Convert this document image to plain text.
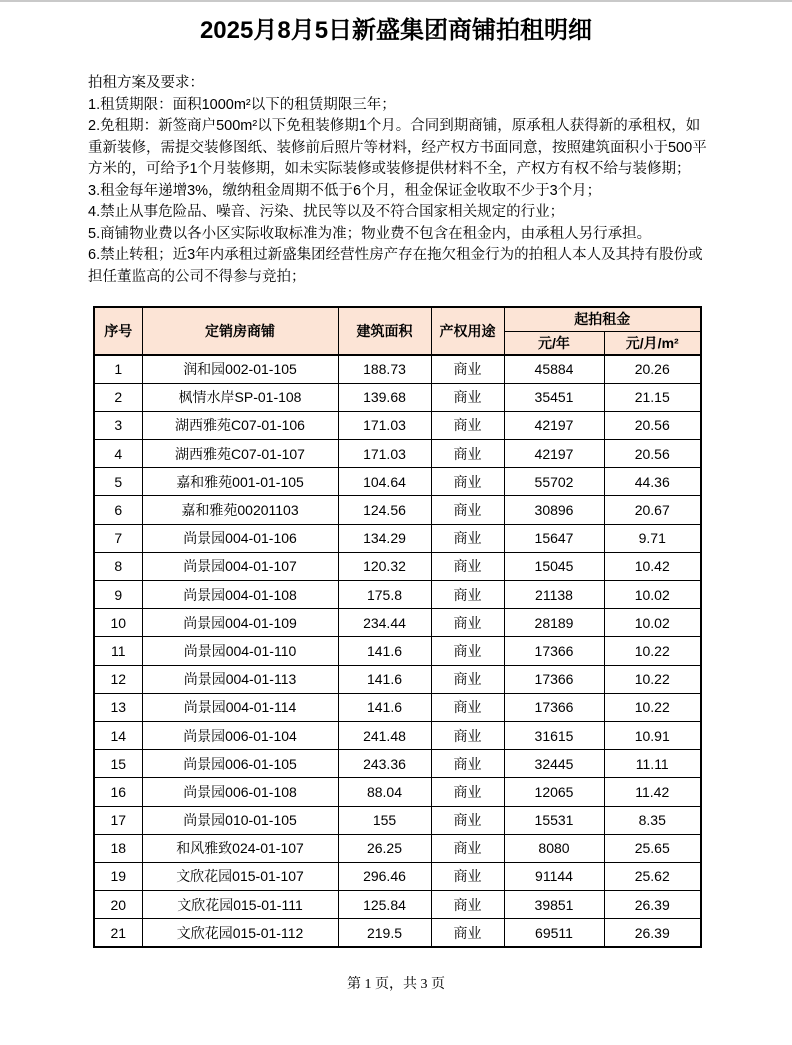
2025月8月5日新盛集团商铺拍租明细

拍租方案及要求：

1.租赁期限：面积1000m²以下的租赁期限三年；

2.免租期：新签商户500m²以下免租装修期1个月。合同到期商铺，原承租人获得新的承租权，如重新装修，需提交装修图纸、装修前后照片等材料，经产权方书面同意，按照建筑面积小于500平方米的，可给予1个月装修期，如未实际装修或装修提供材料不全，产权方有权不给与装修期；

3.租金每年递增3%，缴纳租金周期不低于6个月，租金保证金收取不少于3个月；

4.禁止从事危险品、噪音、污染、扰民等以及不符合国家相关规定的行业；

5.商铺物业费以各小区实际收取标准为准；物业费不包含在租金内，由承租人另行承担。

6.禁止转租；近3年内承租过新盛集团经营性房产存在拖欠租金行为的拍租人本人及其持有股份或担任董监高的公司不得参与竞拍；

序号	定销房商铺	建筑面积	产权用途	起拍租金	
				元/年	元/月/m²
1	润和园002-01-105	188.73	商业	45884	20.26
2	枫情水岸SP-01-108	139.68	商业	35451	21.15
3	湖西雅苑C07-01-106	171.03	商业	42197	20.56
4	湖西雅苑C07-01-107	171.03	商业	42197	20.56
5	嘉和雅苑001-01-105	104.64	商业	55702	44.36
6	嘉和雅苑00201103	124.56	商业	30896	20.67
7	尚景园004-01-106	134.29	商业	15647	9.71
8	尚景园004-01-107	120.32	商业	15045	10.42
9	尚景园004-01-108	175.8	商业	21138	10.02
10	尚景园004-01-109	234.44	商业	28189	10.02
11	尚景园004-01-110	141.6	商业	17366	10.22
12	尚景园004-01-113	141.6	商业	17366	10.22
13	尚景园004-01-114	141.6	商业	17366	10.22
14	尚景园006-01-104	241.48	商业	31615	10.91
15	尚景园006-01-105	243.36	商业	32445	11.11
16	尚景园006-01-108	88.04	商业	12065	11.42
17	尚景园010-01-105	155	商业	15531	8.35
18	和风雅致024-01-107	26.25	商业	8080	25.65
19	文欣花园015-01-107	296.46	商业	91144	25.62
20	文欣花园015-01-111	125.84	商业	39851	26.39
21	文欣花园015-01-112	219.5	商业	69511	26.39
第 1 页，共 3 页
